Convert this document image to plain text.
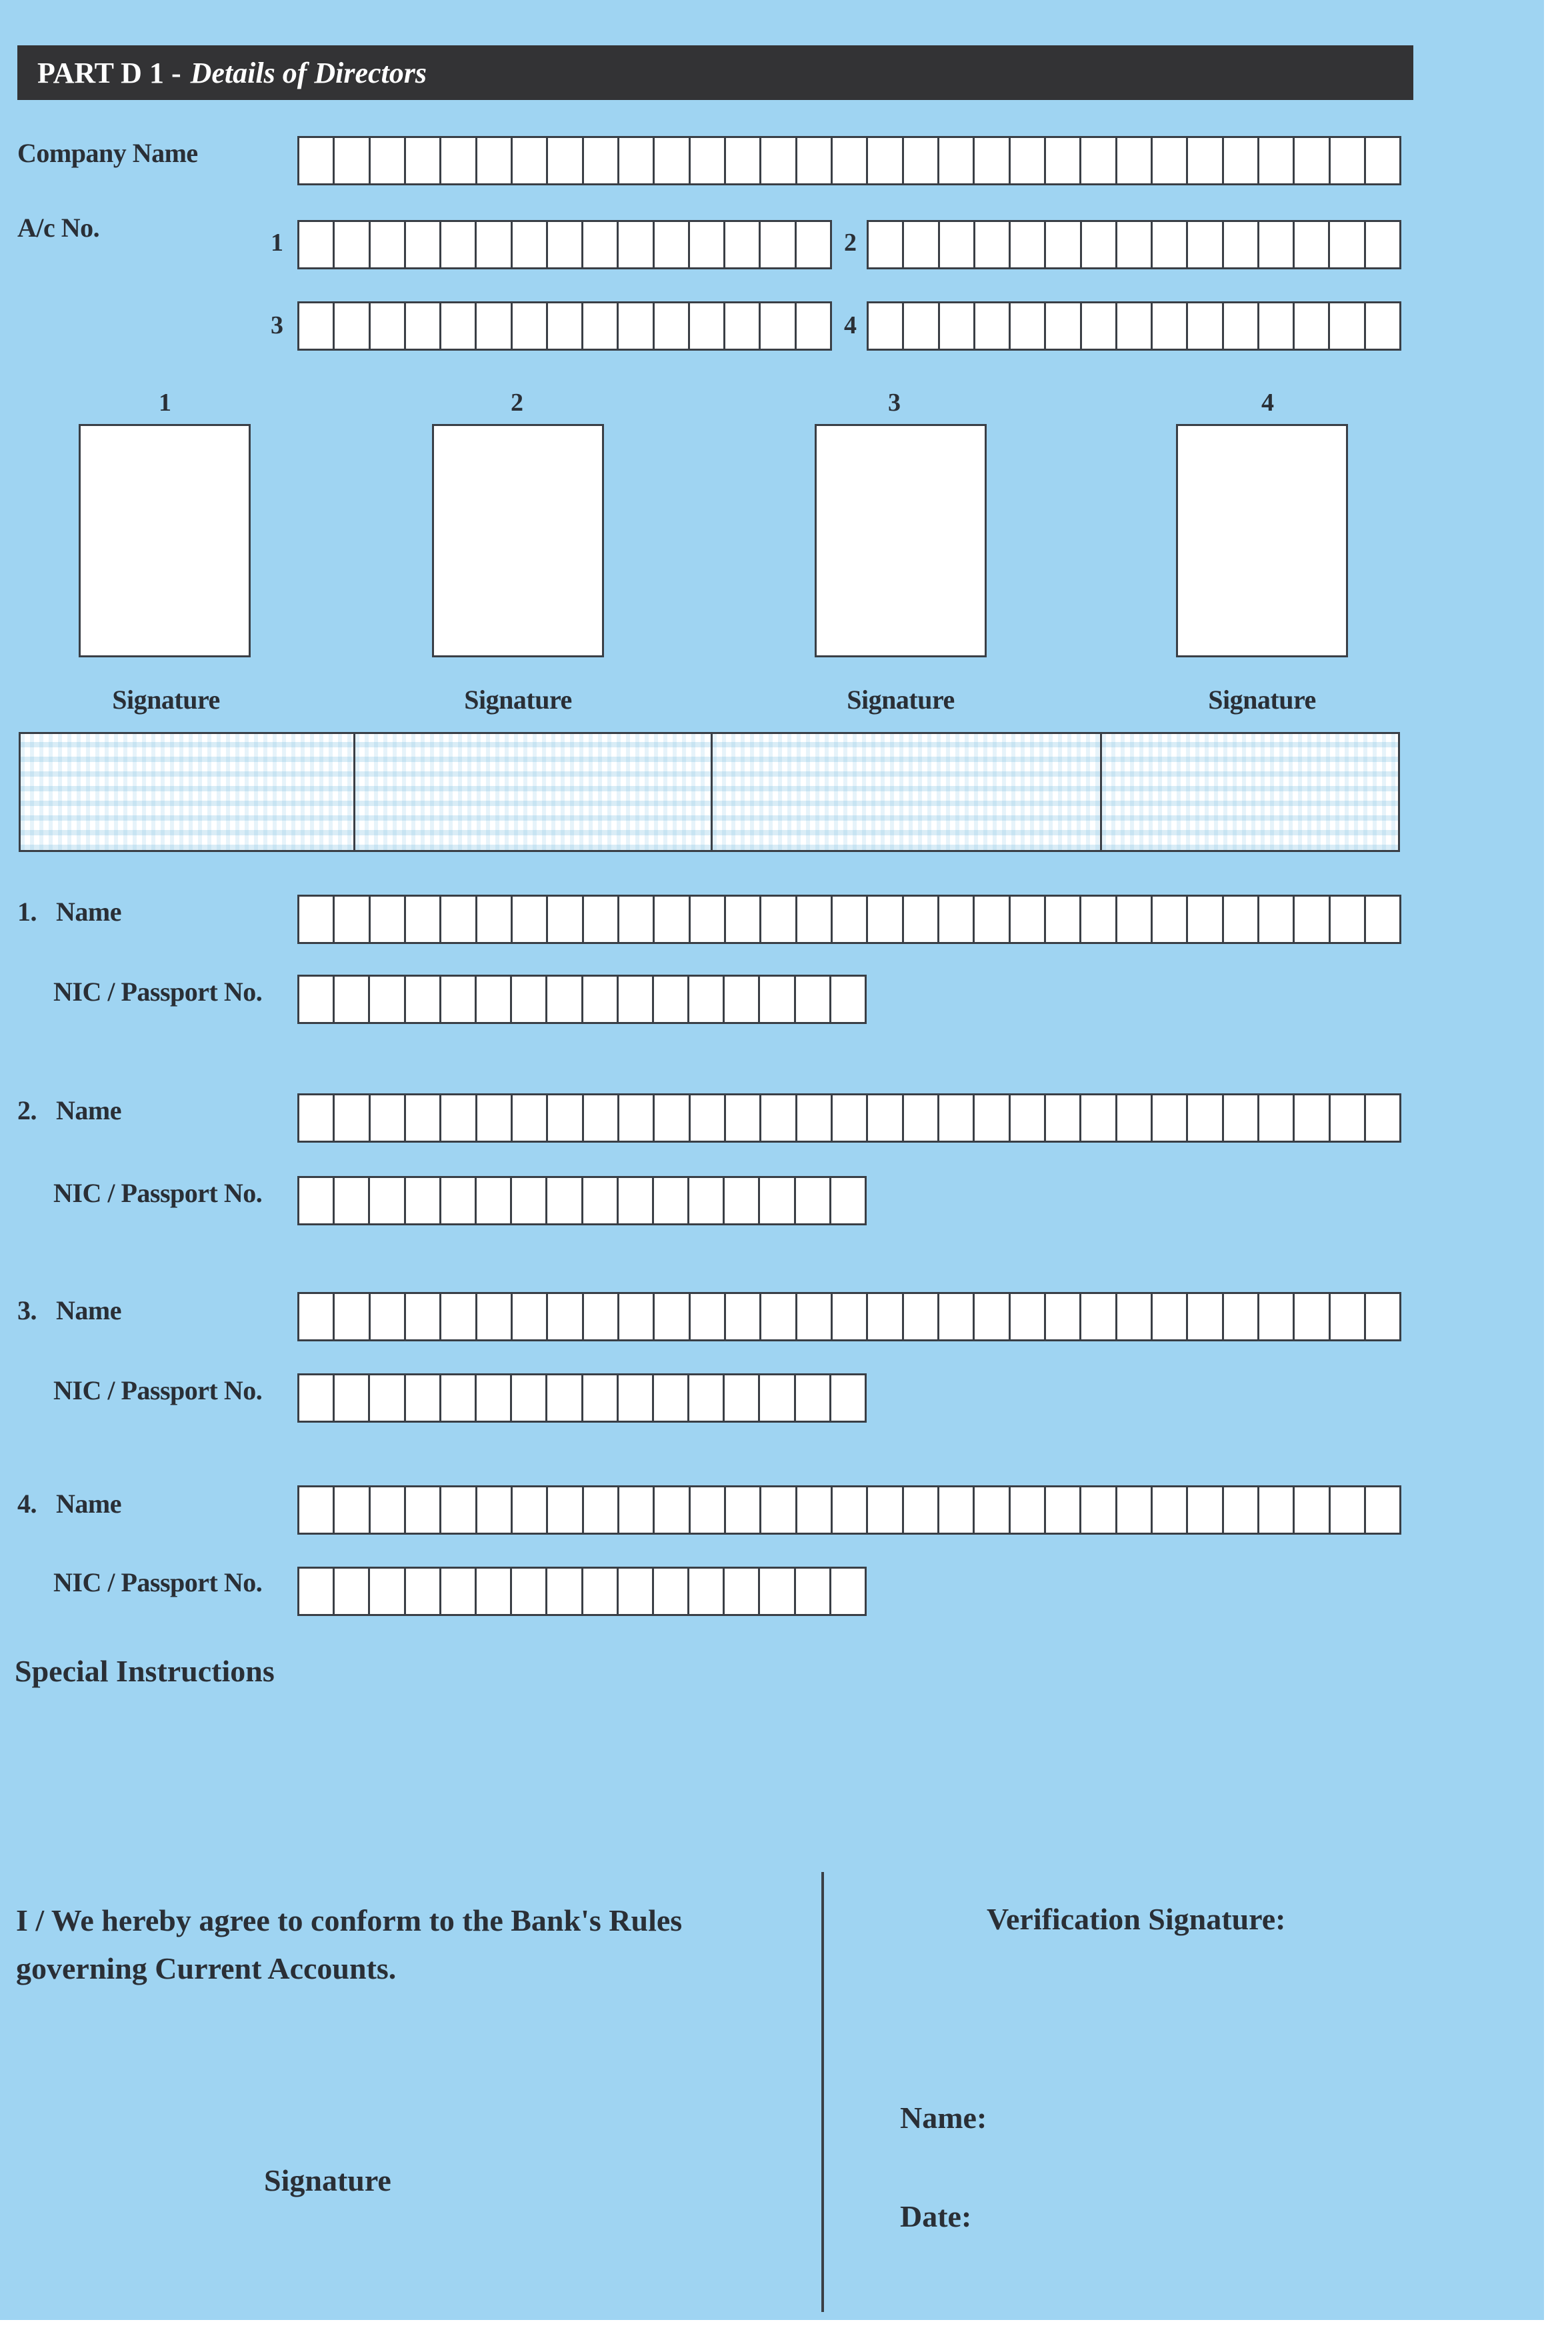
PART D 1 - Details of Directors
Company Name
A/c No.	1	2
3	4
1	2	3	4
Signature	Signature	Signature	Signature
1. Name
NIC / Passport No.
2. Name
NIC / Passport No.
3. Name
NIC / Passport No.
4. Name
NIC / Passport No.
Special Instructions
I / We hereby agree to conform to the Bank's Rules
governing Current Accounts.
Signature
Verification Signature:
Name:
Date:
